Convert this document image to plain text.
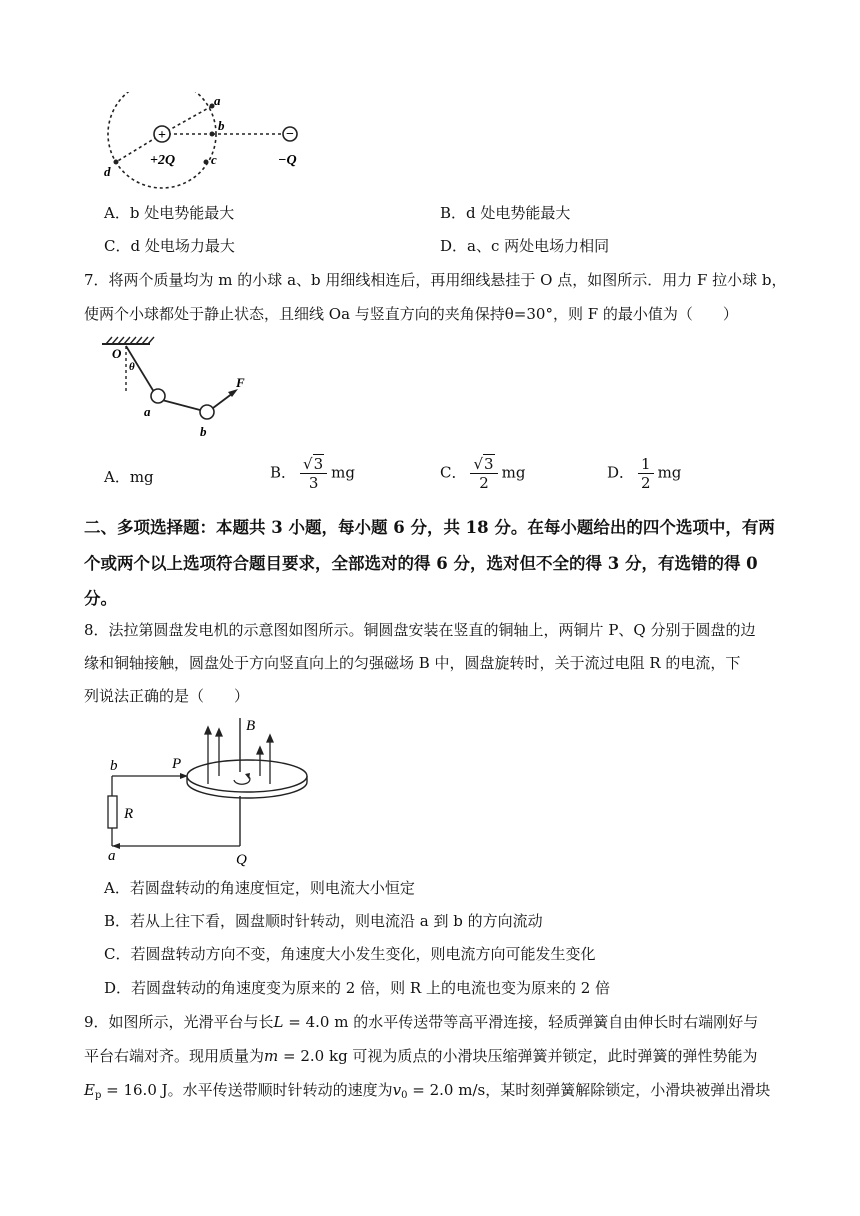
+	−
a
b
c
d
+2Q	−Q
A．b 处电势能最大	B．d 处电势能最大
C．d 处电场力最大	D．a、c 两处电场力相同
7．将两个质量均为 m 的小球 a、b 用细线相连后，再用细线悬挂于 O 点，如图所示．用力 F 拉小球 b，
使两个小球都处于静止状态，且细线 Oa 与竖直方向的夹角保持θ=30°，则 F 的最小值为（　　）
O
θ
a
b
F
A．mg	B． $\frac{√3}{3}$ mg	C． $\frac{√3}{2}$ mg	D． $\frac{1}{2}$ mg
二、多项选择题：本题共 3 小题，每小题 6 分，共 18 分。在每小题给出的四个选项中，有两
个或两个以上选项符合题目要求，全部选对的得 6 分，选对但不全的得 3 分，有选错的得 0
分。
8．法拉第圆盘发电机的示意图如图所示。铜圆盘安装在竖直的铜轴上，两铜片 P、Q 分别于圆盘的边
缘和铜轴接触，圆盘处于方向竖直向上的匀强磁场 B 中，圆盘旋转时，关于流过电阻 R 的电流，下
列说法正确的是（　　）
B
P
Q
R
b
a
A．若圆盘转动的角速度恒定，则电流大小恒定
B．若从上往下看，圆盘顺时针转动，则电流沿 a 到 b 的方向流动
C．若圆盘转动方向不变，角速度大小发生变化，则电流方向可能发生变化
D．若圆盘转动的角速度变为原来的 2 倍，则 R 上的电流也变为原来的 2 倍
9．如图所示，光滑平台与长L = 4.0 m 的水平传送带等高平滑连接，轻质弹簧自由伸长时右端刚好与
平台右端对齐。现用质量为m = 2.0 kg 可视为质点的小滑块压缩弹簧并锁定，此时弹簧的弹性势能为
$E_p = 16.0$ J。水平传送带顺时针转动的速度为$v_0 = 2.0$ m/s，某时刻弹簧解除锁定，小滑块被弹出滑块
